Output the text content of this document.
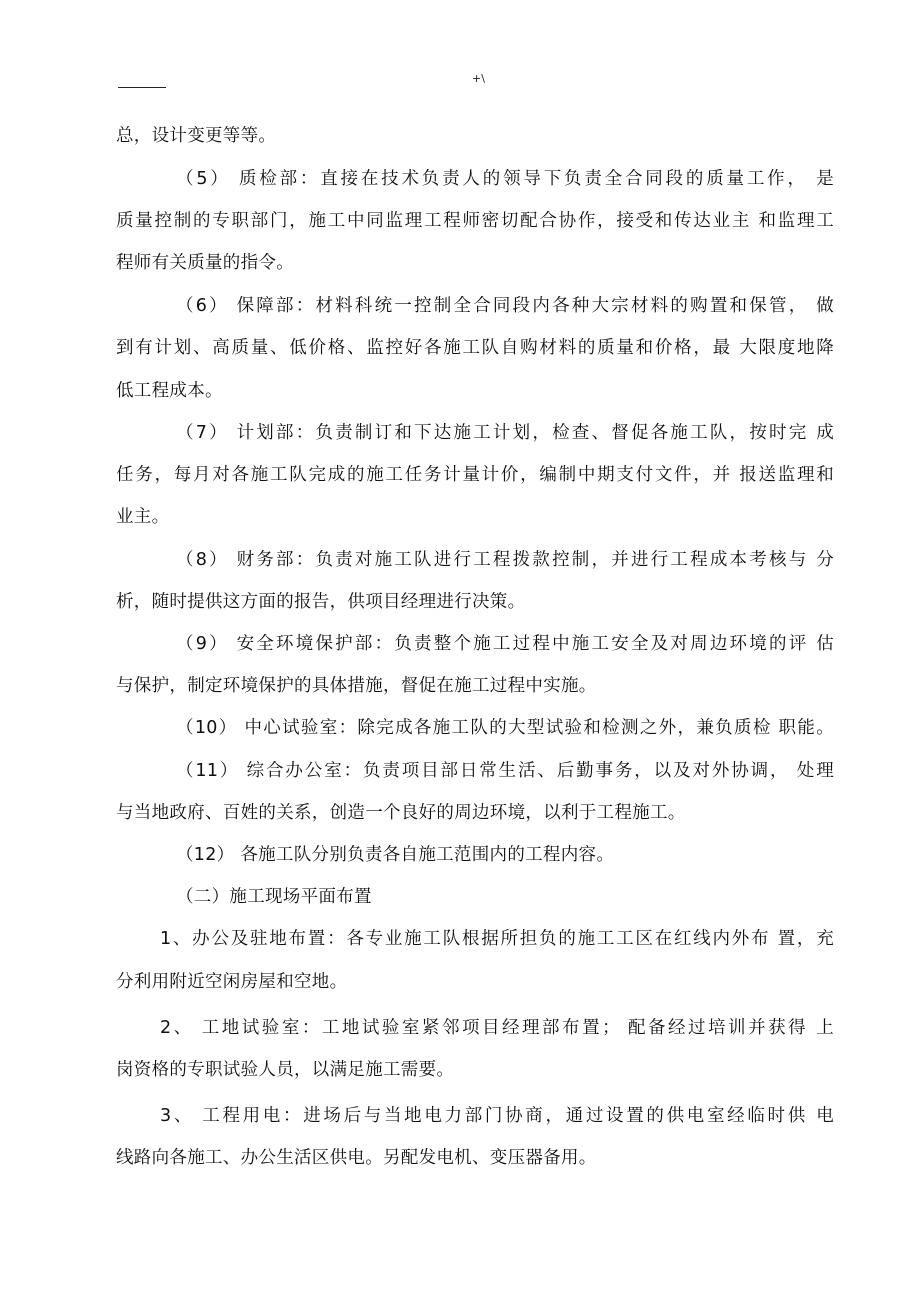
+\
总，设计变更等等。
（5） 质检部：直接在技术负责人的领导下负责全合同段的质量工作， 是
质量控制的专职部门，施工中同监理工程师密切配合协作，接受和传达业主 和监理工
程师有关质量的指令。
（6） 保障部：材料科统一控制全合同段内各种大宗材料的购置和保管， 做
到有计划、高质量、低价格、监控好各施工队自购材料的质量和价格，最 大限度地降
低工程成本。
（7） 计划部：负责制订和下达施工计划，检查、督促各施工队，按时完 成
任务，每月对各施工队完成的施工任务计量计价，编制中期支付文件，并 报送监理和
业主。
（8） 财务部：负责对施工队进行工程拨款控制，并进行工程成本考核与 分
析，随时提供这方面的报告，供项目经理进行决策。
（9） 安全环境保护部：负责整个施工过程中施工安全及对周边环境的评 估
与保护，制定环境保护的具体措施，督促在施工过程中实施。
（10） 中心试验室：除完成各施工队的大型试验和检测之外，兼负质检 职能。
（11） 综合办公室：负责项目部日常生活、后勤事务，以及对外协调， 处理
与当地政府、百姓的关系，创造一个良好的周边环境，以利于工程施工。
（12） 各施工队分别负责各自施工范围内的工程内容。
（二）施工现场平面布置
1、办公及驻地布置：各专业施工队根据所担负的施工工区在红线内外布 置，充
分利用附近空闲房屋和空地。
2、 工地试验室：工地试验室紧邻项目经理部布置； 配备经过培训并获得 上
岗资格的专职试验人员，以满足施工需要。
3、 工程用电：进场后与当地电力部门协商，通过设置的供电室经临时供 电
线路向各施工、办公生活区供电。另配发电机、变压器备用。
